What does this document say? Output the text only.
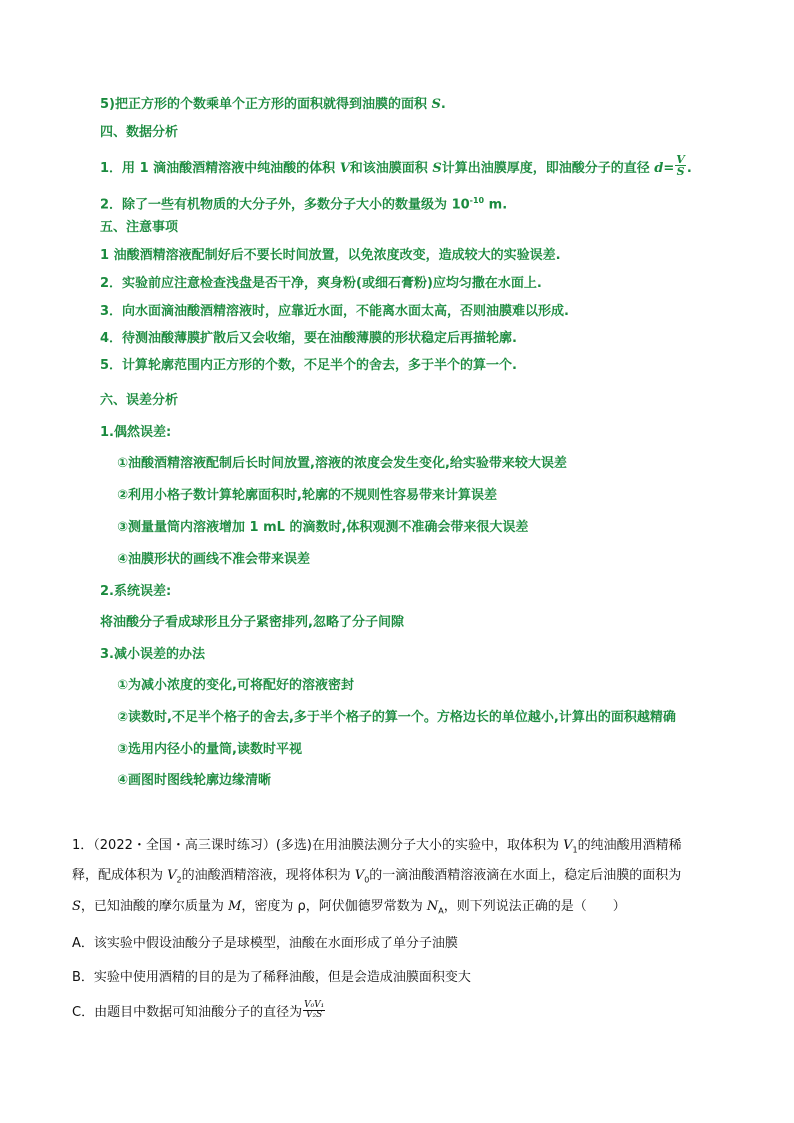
5)把正方形的个数乘单个正方形的面积就得到油膜的面积 S.
四、数据分析
1．用 1 滴油酸酒精溶液中纯油酸的体积 V和该油膜面积 S计算出油膜厚度，即油酸分子的直径 $d= \frac{V}{S}$ .
2．除了一些有机物质的大分子外，多数分子大小的数量级为 $10^{-10}$ m.
五、注意事项
1 油酸酒精溶液配制好后不要长时间放置，以免浓度改变，造成较大的实验误差.
2．实验前应注意检查浅盘是否干净，爽身粉(或细石膏粉)应均匀撒在水面上.
3．向水面滴油酸酒精溶液时，应靠近水面，不能离水面太高，否则油膜难以形成.
4．待测油酸薄膜扩散后又会收缩，要在油酸薄膜的形状稳定后再描轮廓.
5．计算轮廓范围内正方形的个数，不足半个的舍去，多于半个的算一个.
六、误差分析
1.偶然误差:
①油酸酒精溶液配制后长时间放置,溶液的浓度会发生变化,给实验带来较大误差
②利用小格子数计算轮廓面积时,轮廓的不规则性容易带来计算误差
③测量量筒内溶液增加 1 mL 的滴数时,体积观测不准确会带来很大误差
④油膜形状的画线不准会带来误差
2.系统误差:
将油酸分子看成球形且分子紧密排列,忽略了分子间隙
3.减小误差的办法
①为减小浓度的变化,可将配好的溶液密封
②读数时,不足半个格子的舍去,多于半个格子的算一个。方格边长的单位越小,计算出的面积越精确
③选用内径小的量筒,读数时平视
④画图时图线轮廓边缘清晰
1．（2022・全国・高三课时练习）(多选)在用油膜法测分子大小的实验中，取体积为 $V_1$的纯油酸用酒精稀
释，配成体积为 $V_2$的油酸酒精溶液，现将体积为 $V_0$的一滴油酸酒精溶液滴在水面上，稳定后油膜的面积为
S，已知油酸的摩尔质量为 M，密度为 ρ，阿伏伽德罗常数为 $N_A$，则下列说法正确的是（　　）
A．该实验中假设油酸分子是球模型，油酸在水面形成了单分子油膜
B．实验中使用酒精的目的是为了稀释油酸，但是会造成油膜面积变大
C．由题目中数据可知油酸分子的直径为 $\frac{\text{V₀V₁}}{\text{V₂S}}$
